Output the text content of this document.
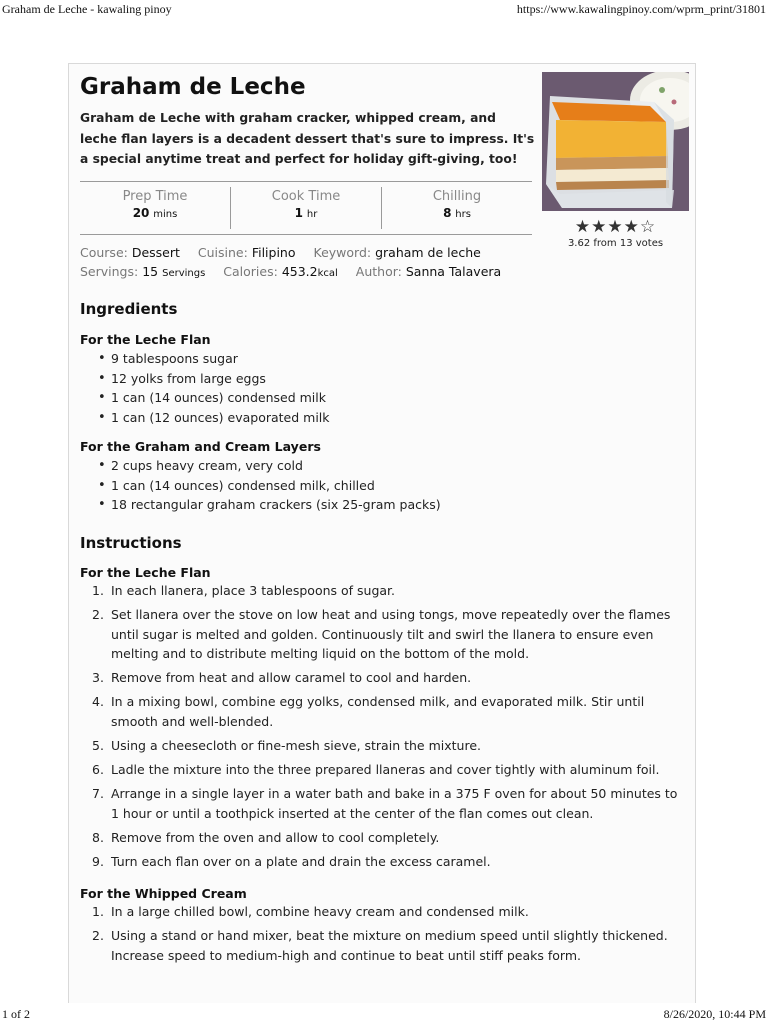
Graham de Leche - kawaling pinoy	https://www.kawalingpinoy.com/wprm_print/31801
1 of 2	8/26/2020, 10:44 PM
Graham de Leche
Graham de Leche with graham cracker, whipped cream, and leche flan layers is a decadent dessert that's sure to impress. It's a special anytime treat and perfect for holiday gift-giving, too!
Prep Time
20 mins
Cook Time
1 hr
Chilling
8 hrs
★★★★☆
3.62 from 13 votes
Course: Dessert Cuisine: Filipino Keyword: graham de leche
Servings: 15 Servings Calories: 453.2kcal Author: Sanna Talavera
Ingredients
For the Leche Flan
• 9 tablespoons sugar
• 12 yolks from large eggs
• 1 can (14 ounces) condensed milk
• 1 can (12 ounces) evaporated milk
For the Graham and Cream Layers
• 2 cups heavy cream, very cold
• 1 can (14 ounces) condensed milk, chilled
• 18 rectangular graham crackers (six 25-gram packs)
Instructions
For the Leche Flan
1. In each llanera, place 3 tablespoons of sugar.
2. Set llanera over the stove on low heat and using tongs, move repeatedly over the flames until sugar is melted and golden. Continuously tilt and swirl the llanera to ensure even melting and to distribute melting liquid on the bottom of the mold.
3. Remove from heat and allow caramel to cool and harden.
4. In a mixing bowl, combine egg yolks, condensed milk, and evaporated milk. Stir until smooth and well-blended.
5. Using a cheesecloth or fine-mesh sieve, strain the mixture.
6. Ladle the mixture into the three prepared llaneras and cover tightly with aluminum foil.
7. Arrange in a single layer in a water bath and bake in a 375 F oven for about 50 minutes to 1 hour or until a toothpick inserted at the center of the flan comes out clean.
8. Remove from the oven and allow to cool completely.
9. Turn each flan over on a plate and drain the excess caramel.
For the Whipped Cream
1. In a large chilled bowl, combine heavy cream and condensed milk.
2. Using a stand or hand mixer, beat the mixture on medium speed until slightly thickened. Increase speed to medium-high and continue to beat until stiff peaks form.
